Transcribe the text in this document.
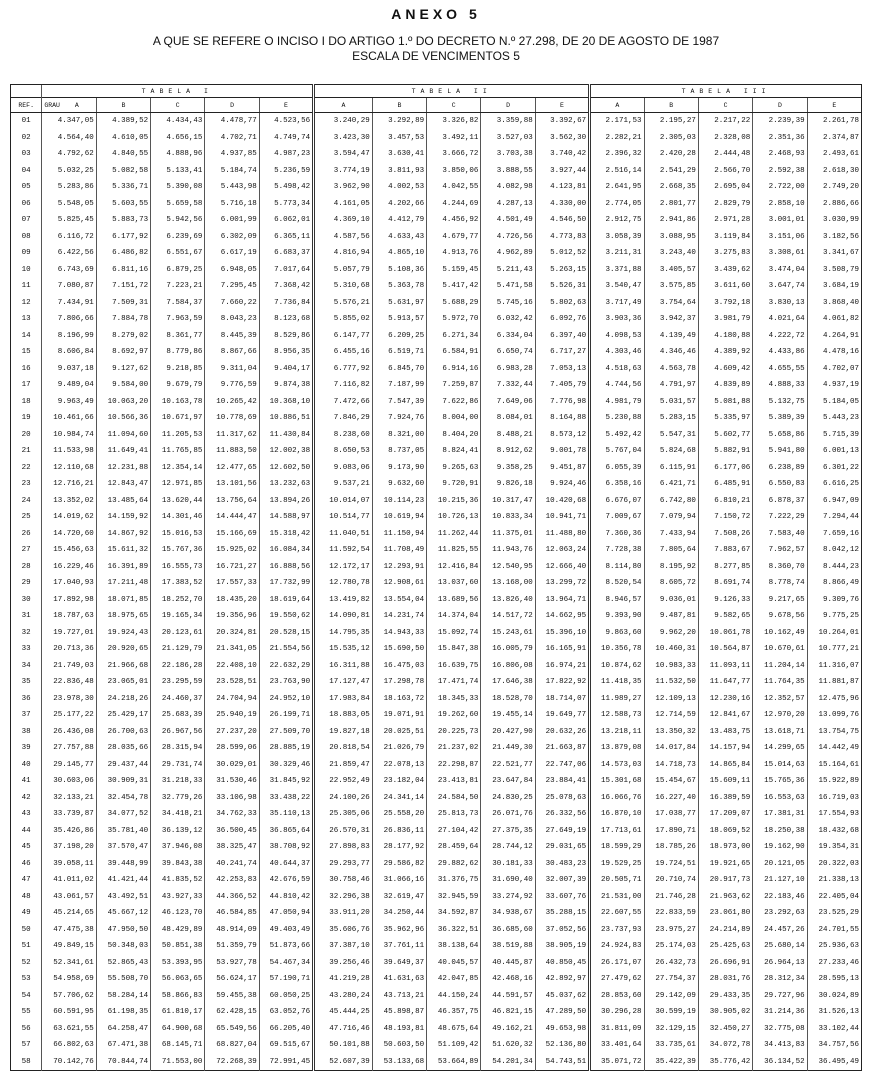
ANEXO 5
A QUE SE REFERE O INCISO I DO ARTIGO 1.º DO DECRETO N.º 27.298, DE 20 DE AGOSTO DE 1987
ESCALA DE VENCIMENTOS 5
	TABELA I					TABELA II					TABELA III				
REF.	GRAU A	B	C	D	E	A	B	C	D	E	A	B	C	D	E
01	4.347,05	4.389,52	4.434,43	4.478,77	4.523,56	3.240,29	3.292,89	3.326,82	3.359,88	3.392,67	2.171,53	2.195,27	2.217,22	2.239,39	2.261,78
02	4.564,40	4.610,05	4.656,15	4.702,71	4.749,74	3.423,30	3.457,53	3.492,11	3.527,03	3.562,30	2.282,21	2.305,03	2.328,08	2.351,36	2.374,87
03	4.792,62	4.840,55	4.888,96	4.937,85	4.987,23	3.594,47	3.630,41	3.666,72	3.703,38	3.740,42	2.396,32	2.420,28	2.444,48	2.468,93	2.493,61
04	5.032,25	5.082,58	5.133,41	5.184,74	5.236,59	3.774,19	3.811,93	3.850,06	3.888,55	3.927,44	2.516,14	2.541,29	2.566,70	2.592,38	2.618,30
05	5.283,86	5.336,71	5.390,08	5.443,98	5.498,42	3.962,90	4.002,53	4.042,55	4.082,98	4.123,81	2.641,95	2.668,35	2.695,04	2.722,00	2.749,20
06	5.548,05	5.603,55	5.659,58	5.716,18	5.773,34	4.161,05	4.202,66	4.244,69	4.287,13	4.330,00	2.774,05	2.801,77	2.829,79	2.858,10	2.886,66
07	5.825,45	5.883,73	5.942,56	6.001,99	6.062,01	4.369,10	4.412,79	4.456,92	4.501,49	4.546,50	2.912,75	2.941,86	2.971,28	3.001,01	3.030,99
08	6.116,72	6.177,92	6.239,69	6.302,09	6.365,11	4.587,56	4.633,43	4.679,77	4.726,56	4.773,83	3.058,39	3.088,95	3.119,84	3.151,06	3.182,56
09	6.422,56	6.486,82	6.551,67	6.617,19	6.683,37	4.816,94	4.865,10	4.913,76	4.962,89	5.012,52	3.211,31	3.243,40	3.275,83	3.308,61	3.341,67
10	6.743,69	6.811,16	6.879,25	6.948,05	7.017,64	5.057,79	5.108,36	5.159,45	5.211,43	5.263,15	3.371,88	3.405,57	3.439,62	3.474,04	3.508,79
11	7.080,87	7.151,72	7.223,21	7.295,45	7.368,42	5.310,68	5.363,78	5.417,42	5.471,58	5.526,31	3.540,47	3.575,85	3.611,60	3.647,74	3.684,19
12	7.434,91	7.509,31	7.584,37	7.660,22	7.736,84	5.576,21	5.631,97	5.688,29	5.745,16	5.802,63	3.717,49	3.754,64	3.792,18	3.830,13	3.868,40
13	7.806,66	7.884,78	7.963,59	8.043,23	8.123,68	5.855,02	5.913,57	5.972,70	6.032,42	6.092,76	3.903,36	3.942,37	3.981,79	4.021,64	4.061,82
14	8.196,99	8.279,02	8.361,77	8.445,39	8.529,86	6.147,77	6.209,25	6.271,34	6.334,04	6.397,40	4.098,53	4.139,49	4.180,88	4.222,72	4.264,91
15	8.606,84	8.692,97	8.779,86	8.867,66	8.956,35	6.455,16	6.519,71	6.584,91	6.650,74	6.717,27	4.303,46	4.346,46	4.389,92	4.433,86	4.478,16
16	9.037,18	9.127,62	9.218,85	9.311,04	9.404,17	6.777,92	6.845,70	6.914,16	6.983,28	7.053,13	4.518,63	4.563,78	4.609,42	4.655,55	4.702,07
17	9.489,04	9.584,00	9.679,79	9.776,59	9.874,38	7.116,82	7.187,99	7.259,87	7.332,44	7.405,79	4.744,56	4.791,97	4.839,89	4.888,33	4.937,19
18	9.963,49	10.063,20	10.163,78	10.265,42	10.368,10	7.472,66	7.547,39	7.622,86	7.649,06	7.776,98	4.981,79	5.031,57	5.081,88	5.132,75	5.184,05
19	10.461,66	10.566,36	10.671,97	10.778,69	10.886,51	7.846,29	7.924,76	8.004,00	8.084,01	8.164,88	5.230,88	5.283,15	5.335,97	5.389,39	5.443,23
20	10.984,74	11.094,60	11.205,53	11.317,62	11.430,84	8.238,60	8.321,00	8.404,20	8.488,21	8.573,12	5.492,42	5.547,31	5.602,77	5.658,86	5.715,39
21	11.533,98	11.649,41	11.765,85	11.883,50	12.002,38	8.650,53	8.737,05	8.824,41	8.912,62	9.001,78	5.767,04	5.824,68	5.882,91	5.941,80	6.001,13
22	12.110,68	12.231,88	12.354,14	12.477,65	12.602,50	9.083,06	9.173,90	9.265,63	9.358,25	9.451,87	6.055,39	6.115,91	6.177,06	6.238,89	6.301,22
23	12.716,21	12.843,47	12.971,85	13.101,56	13.232,63	9.537,21	9.632,60	9.720,91	9.826,18	9.924,46	6.358,16	6.421,71	6.485,91	6.550,83	6.616,25
24	13.352,02	13.485,64	13.620,44	13.756,64	13.894,26	10.014,07	10.114,23	10.215,36	10.317,47	10.420,68	6.676,07	6.742,80	6.810,21	6.878,37	6.947,09
25	14.019,62	14.159,92	14.301,46	14.444,47	14.588,97	10.514,77	10.619,94	10.726,13	10.833,34	10.941,71	7.009,67	7.079,94	7.150,72	7.222,29	7.294,44
26	14.720,60	14.867,92	15.016,53	15.166,69	15.318,42	11.040,51	11.150,94	11.262,44	11.375,01	11.488,80	7.360,36	7.433,94	7.508,26	7.583,40	7.659,16
27	15.456,63	15.611,32	15.767,36	15.925,02	16.084,34	11.592,54	11.708,49	11.825,55	11.943,76	12.063,24	7.728,38	7.805,64	7.883,67	7.962,57	8.042,12
28	16.229,46	16.391,89	16.555,73	16.721,27	16.888,56	12.172,17	12.293,91	12.416,84	12.540,95	12.666,40	8.114,80	8.195,92	8.277,85	8.360,70	8.444,23
29	17.040,93	17.211,48	17.383,52	17.557,33	17.732,99	12.780,78	12.908,61	13.037,60	13.168,00	13.299,72	8.520,54	8.605,72	8.691,74	8.778,74	8.866,49
30	17.892,98	18.071,85	18.252,70	18.435,20	18.619,64	13.419,82	13.554,04	13.689,56	13.826,40	13.964,71	8.946,57	9.036,01	9.126,33	9.217,65	9.309,76
31	18.787,63	18.975,65	19.165,34	19.356,96	19.550,62	14.090,81	14.231,74	14.374,04	14.517,72	14.662,95	9.393,90	9.487,81	9.582,65	9.678,56	9.775,25
32	19.727,01	19.924,43	20.123,61	20.324,81	20.528,15	14.795,35	14.943,33	15.092,74	15.243,61	15.396,10	9.863,60	9.962,20	10.061,78	10.162,49	10.264,01
33	20.713,36	20.920,65	21.129,79	21.341,05	21.554,56	15.535,12	15.690,50	15.847,38	16.005,79	16.165,91	10.356,78	10.460,31	10.564,87	10.670,61	10.777,21
34	21.749,03	21.966,68	22.186,28	22.408,10	22.632,29	16.311,88	16.475,03	16.639,75	16.806,08	16.974,21	10.874,62	10.983,33	11.093,11	11.204,14	11.316,07
35	22.836,48	23.065,01	23.295,59	23.528,51	23.763,90	17.127,47	17.298,78	17.471,74	17.646,38	17.822,92	11.418,35	11.532,50	11.647,77	11.764,35	11.881,87
36	23.978,30	24.218,26	24.460,37	24.704,94	24.952,10	17.983,84	18.163,72	18.345,33	18.528,70	18.714,07	11.989,27	12.109,13	12.230,16	12.352,57	12.475,96
37	25.177,22	25.429,17	25.683,39	25.940,19	26.199,71	18.883,05	19.071,91	19.262,60	19.455,14	19.649,77	12.588,73	12.714,59	12.841,67	12.970,20	13.099,76
38	26.436,08	26.700,63	26.967,56	27.237,20	27.509,70	19.827,18	20.025,51	20.225,73	20.427,90	20.632,26	13.218,11	13.350,32	13.483,75	13.618,71	13.754,75
39	27.757,88	28.035,66	28.315,94	28.599,06	28.885,19	20.818,54	21.026,79	21.237,02	21.449,30	21.663,87	13.879,08	14.017,84	14.157,94	14.299,65	14.442,49
40	29.145,77	29.437,44	29.731,74	30.029,01	30.329,46	21.859,47	22.078,13	22.298,87	22.521,77	22.747,06	14.573,03	14.718,73	14.865,84	15.014,63	15.164,61
41	30.603,06	30.909,31	31.218,33	31.530,46	31.845,92	22.952,49	23.182,04	23.413,81	23.647,84	23.884,41	15.301,68	15.454,67	15.609,11	15.765,36	15.922,89
42	32.133,21	32.454,78	32.779,26	33.106,98	33.438,22	24.100,26	24.341,14	24.584,50	24.830,25	25.078,63	16.066,76	16.227,40	16.389,59	16.553,63	16.719,03
43	33.739,87	34.077,52	34.418,21	34.762,33	35.110,13	25.305,06	25.558,20	25.813,73	26.071,76	26.332,56	16.870,10	17.038,77	17.209,07	17.381,31	17.554,93
44	35.426,86	35.781,40	36.139,12	36.500,45	36.865,64	26.570,31	26.836,11	27.104,42	27.375,35	27.649,19	17.713,61	17.890,71	18.069,52	18.250,38	18.432,68
45	37.198,20	37.570,47	37.946,08	38.325,47	38.708,92	27.898,83	28.177,92	28.459,64	28.744,12	29.031,65	18.599,29	18.785,26	18.973,00	19.162,90	19.354,31
46	39.058,11	39.448,99	39.843,38	40.241,74	40.644,37	29.293,77	29.586,82	29.882,62	30.181,33	30.483,23	19.529,25	19.724,51	19.921,65	20.121,05	20.322,03
47	41.011,02	41.421,44	41.835,52	42.253,83	42.676,59	30.758,46	31.066,16	31.376,75	31.690,40	32.007,39	20.505,71	20.710,74	20.917,73	21.127,10	21.338,13
48	43.061,57	43.492,51	43.927,33	44.366,52	44.810,42	32.296,38	32.619,47	32.945,59	33.274,92	33.607,76	21.531,00	21.746,28	21.963,62	22.183,46	22.405,04
49	45.214,65	45.667,12	46.123,70	46.584,85	47.050,94	33.911,20	34.250,44	34.592,87	34.938,67	35.288,15	22.607,55	22.833,59	23.061,80	23.292,63	23.525,29
50	47.475,38	47.950,50	48.429,89	48.914,09	49.403,49	35.606,76	35.962,96	36.322,51	36.685,60	37.052,56	23.737,93	23.975,27	24.214,89	24.457,26	24.701,55
51	49.849,15	50.348,03	50.851,38	51.359,79	51.873,66	37.387,10	37.761,11	38.138,64	38.519,88	38.905,19	24.924,83	25.174,03	25.425,63	25.680,14	25.936,63
52	52.341,61	52.865,43	53.393,95	53.927,78	54.467,34	39.256,46	39.649,37	40.045,57	40.445,87	40.850,45	26.171,07	26.432,73	26.696,91	26.964,13	27.233,46
53	54.958,69	55.508,70	56.063,65	56.624,17	57.190,71	41.219,28	41.631,63	42.047,85	42.468,16	42.892,97	27.479,62	27.754,37	28.031,76	28.312,34	28.595,13
54	57.706,62	58.284,14	58.866,83	59.455,38	60.050,25	43.280,24	43.713,21	44.150,24	44.591,57	45.037,62	28.853,60	29.142,09	29.433,35	29.727,96	30.024,89
55	60.591,95	61.198,35	61.810,17	62.428,15	63.052,76	45.444,25	45.898,87	46.357,75	46.821,15	47.289,50	30.296,28	30.599,19	30.905,02	31.214,36	31.526,13
56	63.621,55	64.258,47	64.900,68	65.549,56	66.205,40	47.716,46	48.193,81	48.675,64	49.162,21	49.653,98	31.811,09	32.129,15	32.450,27	32.775,08	33.102,44
57	66.802,63	67.471,38	68.145,71	68.827,04	69.515,67	50.101,88	50.603,50	51.109,42	51.620,32	52.136,80	33.401,64	33.735,61	34.072,78	34.413,83	34.757,56
58	70.142,76	70.844,74	71.553,00	72.268,39	72.991,45	52.607,39	53.133,68	53.664,89	54.201,34	54.743,51	35.071,72	35.422,39	35.776,42	36.134,52	36.495,49
